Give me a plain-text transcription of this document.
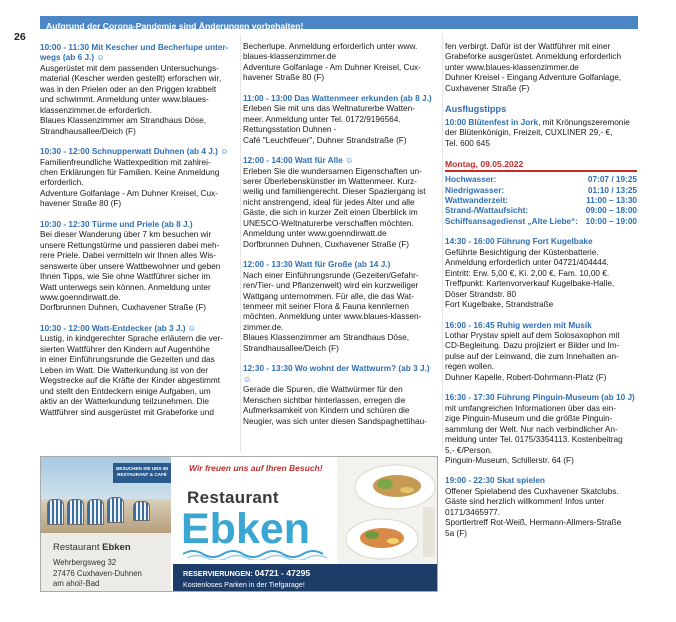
Aufgrund der Corona-Pandemie sind Änderungen vorbehalten!
26
10:00 - 11:30 Mit Kescher und Becherlupe unter-
wegs (ab 6 J.) ☺
Ausgerüstet mit dem passenden Untersuchungs-
material (Kescher werden gestellt) erforschen wir,
was in den Prielen oder an den Priggen krabbelt
und schwimmt. Anmeldung unter www.blaues-
klassenzimmer.de erforderlich.
Blaues Klassenzimmer am Strandhaus Döse,
Strandhausallee/Deich (F)
10:30 - 12:00 Schnupperwatt Duhnen (ab 4 J.) ☺
Familienfreundliche Wattexpedition mit zahlrei-
chen Erklärungen für Familien. Keine Anmeldung
erforderlich.
Adventure Golfanlage - Am Duhner Kreisel, Cux-
havener Straße 80 (F)
10:30 - 12:30 Türme und Priele (ab 8 J.)
Bei dieser Wanderung über 7 km besuchen wir
unsere Rettungstürme und passieren dabei meh-
rere Priele. Dabei vermitteln wir Ihnen alles Wis-
senswerte über unsere Wattbewohner und geben
Ihnen Tipps, wie Sie ohne Wattführer sicher im
Watt unterwegs sein können. Anmeldung unter
www.goenndirwatt.de.
Dorfbrunnen Duhnen, Cuxhavener Straße (F)
10:30 - 12:00 Watt-Entdecker (ab 3 J.) ☺
Lustig, in kindgerechter Sprache erläutern die ver-
sierten Wattführer den Kindern auf Augenhöhe
in einer Einführungsrunde die Gezeiten und das
Leben im Watt. Die Watterkundung ist von der
Wegstrecke auf die Kräfte der Kinder abgestimmt
und stellt den Entdeckern einige Aufgaben, um
aktiv an der Watterkundung teilzunehmen. Die
Wattführer sind ausgerüstet mit Grabeforke und
Becherlupe. Anmeldung erforderlich unter www.
blaues-klassenzimmer.de
Adventure Golfanlage - Am Duhner Kreisel, Cux-
havener Straße 80 (F)
11:00 - 13:00 Das Wattenmeer erkunden (ab 8 J.)
Erleben Sie mit uns das Weltnaturerbe Watten-
meer. Anmeldung unter Tel. 0172/9196564.
Rettungsstation Duhnen -
Café "Leuchtfeuer", Duhner Strandstraße (F)
12:00 - 14:00 Watt für Alle ☺
Erleben Sie die wundersamen Eigenschaften un-
serer Überlebenskünstler im Wattenmeer. Kurz-
weilig und familiengerecht. Dieser Spaziergang ist
nicht anstrengend, ideal für jedes Alter und alle
Gäste, die sich in kurzer Zeit einen Überblick im
UNESCO-Weltnaturerbe verschaffen möchten.
Anmeldung unter www.goenndirwatt.de
Dorfbrunnen Duhnen, Cuxhavener Straße (F)
12:00 - 13:30 Watt für Große (ab 14 J.)
Nach einer Einführungsrunde (Gezeiten/Gefahr-
ren/Tier- und Pflanzenwelt) wird ein kurzweiliger
Wattgang unternommen. Für alle, die das Wat-
tenmeer mit seiner Flora & Fauna kennlernen
möchten. Anmeldung unter www.blaues-klassen-
zimmer.de.
Blaues Klassenzimmer am Strandhaus Döse,
Strandhausallee/Deich (F)
12:30 - 13:30 Wo wohnt der Wattwurm? (ab 3 J.) ☺
Gerade die Spuren, die Wattwürmer für den
Menschen sichtbar hinterlassen, erregen die
Aufmerksamkeit von Kindern und schüren die
Neugier, was sich unter diesen Sandspaghettihau-
fen verbirgt. Dafür ist der Wattführer mit einer
Grabeforke ausgerüstet. Anmeldung erforderlich
unter www.blaues-klassenzimmer.de
Duhner Kreisel - Eingang Adventure Golfanlage,
Cuxhavener Straße (F)
Ausflugstipps
10:00 Blütenfest in Jork, mit Krönungszeremonie
der Blütenkönigin, Freizeit, CUXLINER 29,- €,
Tel. 600 645
Montag, 09.05.2022
Hochwasser:	07:07 / 19:25
Niedrigwasser:	01:10 / 13:25
Wattwanderzeit:	11:00 – 13:30
Strand-/Wattaufsicht:	09:00 – 18:00
Schiffsansagedienst „Alte Liebe“: 10:00 – 19:00
14:30 - 16:00 Führung Fort Kugelbake
Geführte Besichtigung der Küstenbatterie.
Anmeldung erforderlich unter 04721/404444.
Eintritt: Erw. 5,00 €, Ki. 2,00 €, Fam. 10,00 €.
Treffpunkt: Kartenvorverkauf Kugelbake-Halle,
Döser Strandstr. 80
Fort Kugelbake, Strandstraße
16:00 - 16:45 Ruhig werden mit Musik
Lothar Prystav spielt auf dem Solosaxophon mit
CD-Begleitung. Dazu projiziert er Bilder und Im-
pulse auf der Leinwand, die zum Innehalten an-
regen wollen.
Duhner Kapelle, Robert-Dohrmann-Platz (F)
16:30 - 17:30 Führung Pinguin-Museum (ab 10 J)
mit umfangreichen Informationen über das ein-
zige Pinguin-Museum und die größte Pinguin-
sammlung der Welt. Nur nach verbindlicher An-
meldung unter Tel. 0175/3354113. Kostenbeitrag
5,- €/Person.
Pinguin-Museum, Schillerstr. 64 (F)
19:00 - 22:30 Skat spielen
Offener Spielabend des Cuxhavener Skatclubs.
Gäste sind herzlich willkommen! Infos unter
0171/3465977.
Sportlertreff Rot-Weiß, Hermann-Allmers-Straße
5a (F)
BESUCHEN SIE UNS IM
RESTAURANT & CAFÉ
Restaurant Ebken
Wehrbergsweg 32
27476 Cuxhaven-Duhnen
am ahoi!-Bad
Wir freuen uns auf Ihren Besuch!
Restaurant
Ebken
RESERVIERUNGEN: 04721 - 47295
Kostenloses Parken in der Tiefgarage!
